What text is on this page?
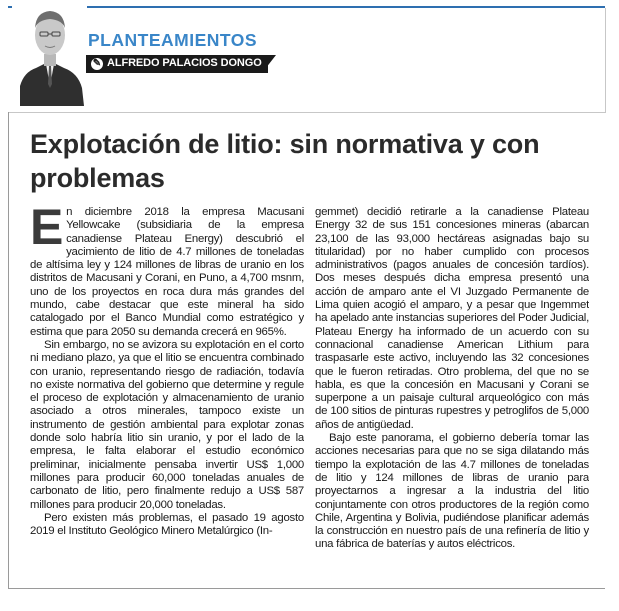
PLANTEAMIENTOS
✎ ALFREDO PALACIOS DONGO
Explotación de litio: sin normativa y con problemas

En diciembre 2018 la empresa Macusani Yellowcake (subsidiaria de la empresa canadiense Plateau Energy) descubrió el yacimiento de litio de 4.7 millones de toneladas de altísima ley y 124 millones de libras de uranio en los distritos de Macusani y Corani, en Puno, a 4,700 msnm, uno de los proyectos en roca dura más grandes del mundo, cabe destacar que este mineral ha sido catalogado por el Banco Mundial como estratégico y estima que para 2050 su demanda crecerá en 965%.

Sin embargo, no se avizora su explotación en el corto ni mediano plazo, ya que el litio se encuentra combinado con uranio, representando riesgo de radiación, todavía no existe normativa del gobierno que determine y regule el proceso de explotación y almacenamiento de uranio asociado a otros minerales, tampoco existe un instrumento de gestión ambiental para explotar zonas donde solo habría litio sin uranio, y por el lado de la empresa, le falta elaborar el estudio económico preliminar, inicialmente pensaba invertir US$ 1,000 millones para producir 60,000 toneladas anuales de carbonato de litio, pero finalmente redujo a US$ 587 millones para producir 20,000 toneladas.

Pero existen más problemas, el pasado 19 agosto 2019 el Instituto Geológico Minero Metalúrgico (In-

gemmet) decidió retirarle a la canadiense Plateau Energy 32 de sus 151 concesiones mineras (abarcan 23,100 de las 93,000 hectáreas asignadas bajo su titularidad) por no haber cumplido con procesos administrativos (pagos anuales de concesión tardíos). Dos meses después dicha empresa presentó una acción de amparo ante el VI Juzgado Permanente de Lima quien acogió el amparo, y a pesar que Ingemmet ha apelado ante instancias superiores del Poder Judicial, Plateau Energy ha informado de un acuerdo con su connacional canadiense American Lithium para traspasarle este activo, incluyendo las 32 concesiones que le fueron retiradas. Otro problema, del que no se habla, es que la concesión en Macusani y Corani se superpone a un paisaje cultural arqueológico con más de 100 sitios de pinturas rupestres y petroglifos de 5,000 años de antigüedad.

Bajo este panorama, el gobierno debería tomar las acciones necesarias para que no se siga dilatando más tiempo la explotación de las 4.7 millones de toneladas de litio y 124 millones de libras de uranio para proyectarnos a ingresar a la industria del litio conjuntamente con otros productores de la región como Chile, Argentina y Bolivia, pudiéndose planificar además la construcción en nuestro país de una refinería de litio y una fábrica de baterías y autos eléctricos.
